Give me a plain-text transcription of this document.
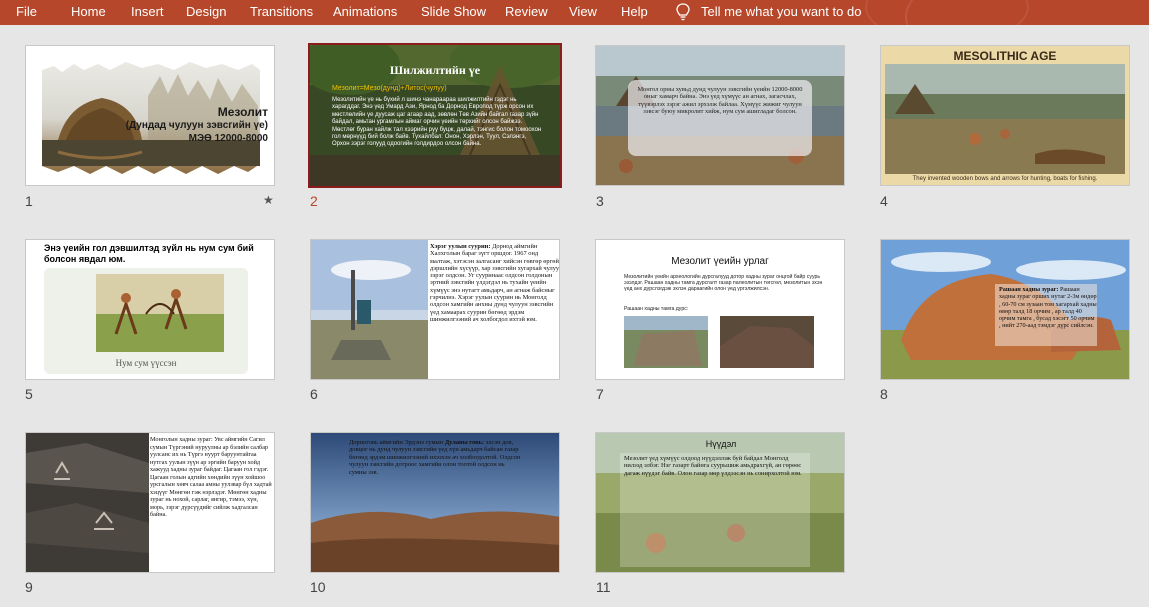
File	Home Insert Design Transitions Animations Slide Show Review View Help	Tell me what you want to do
Мезолит
(Дундад чулуун зэвсгийн үе)
МЭӨ 12000-8000
1	★
Шилжилтийн үе
Мезолит=Мезо(дунд)+Литос(чулуу)
Мезолитийн үе нь бүхий л шинэ чанараараа шилжилтийн гэдэг нь харагддаг. Энэ үед Умард Ази, Ярнод ба Дорнод Европод түрж орсон их мөстлөлийн үе дуусаж цаг агаар аад, зөвлөн Төв Азийн байгал газар зүйн байдал, амьтан ургамлын аймаг орчин үеийн төрхийг олсон байжээ. Мөстлөг буран хайлж тал хээрийн руу буцж, далай, тэнгис болон томоохон гол мөрнүүд бий болж байв. Тухайлбал: Онон, Хэрлэн, Туул, Сэлэнгэ, Орхон зэрэг голууд одоогийн голдирдоо олсон байна.
2
Монгол орны хувьд дунд чулуун зэвсгийн үеийн 12000-8000 оныг хамарч байна. Энэ үед хүмүүс ан агнах, загасчлах, түүвэрлэх зэрэг ажил эрхэлж байлаа. Хүмүүс жижиг чулуун зэвсэг буюу микролит хийж, нум сум ашигладаг болсон.
3
MESOLITHIC AGE
They invented wooden bows and arrows for hunting, boats for fishing.
4
Энэ үеийн гол дэвшилтэд зүйл нь нум сум бий болсон явдал юм.
Нум сум үүссэн
5
Хэрэг уулын суурин: Дорнод аймгийн Халхголын бараг зүгт оршдог. 1967 онд малтаж, хэтэсэн залгасанг хийсэн гөвгөр өргөй дэршлийн хүсүүр, хар зэвсгийн хугархай чулуу зэрэг олдсон. Уг сууринаас олдсон голдонын эртний зэвсгийн үлдэгдэл нь тухайн үеийн хүмүүс энэ нутагт амьдарч, ан агнаж байсныг гэрчилнэ. Хэрэг уулын суурин нь Монголд олдсон хамгийн анхны дунд чулуун зэвсгийн үед хамаарах суурин бөгөөд эрдэм шинжилгээний ач холбогдол ихтэй юм.
6
Мезолит үеийн урлаг
Мезолитийн үеийн археологийн дурсгалууд дотор хадны зураг онцгой байр суурь эзэлдэг. Рашаан хадны тамга дурсгалт газар палеолитын төгсгөл, мезолитын эхэн үед анх дүрслэгдэж эхлэн дараагийн олон үед үргэлжилсэн.
Рашаан хадны тамга дурс:
7
Рашаан хадны зураг: Рашаан хадны зураг орших нутаг 2-3м өндөр , 60-70 см зузаан том хагархай хадны өвөр талд 18 орчим , ар талд 40 орчим тамга , бусад хэсэгт 50 орчим , нийт 270-аад тэмдэг дүрс сийлсэн.
8
Монголын хадны зураг: Увс аймгийн Сагил сумын Түргэний нуруулны ар бэлийн салбар уулсанс их нь Түргэ нуурт баруунтайгаа нутгах уулын зүүн ар эргийн баруун хойд хажууд хадны зураг байдаг. Цагаан гол гэдэг. Цагаан голын адгийн хөндийн зүүн хойшоо урсгалын хөвч салаа амны уулзвар бүл хадтай хэцүүг Мөнгөн гэж нэрлэдэг. Мөнгөн хадны зураг нь нохой, сарлаг, янгир, тэмээ, хүн, морь, зэрэг дүрсүүдийг сийлж хадгалсан байна.
9
Дорноговь аймгийн Эрдэнэ сумын Дуланы говь: элсэн дов, довцог нь дунд чулуун зэвсгийн үед хүн амьдарч байсан газар бөгөөд эрдэм шинжилгээний ихээхэн ач холбогдолтой. Олдсон чулуун зэвсгийн дотроос хамгийн олон тоотой олдсон нь сумны зэв.
10
Нүүдэл
Мезолит үед хүмүүс олдоод нүүдэллэж буй байдал Монголд нилээд элбэг. Нэг газарт байнга суурьшиж амьдрахгүй, ан гөрөөс дагаж нүүдэг байв. Олон газар мөр үлдээсэн нь сонирхолтой юм.
11
